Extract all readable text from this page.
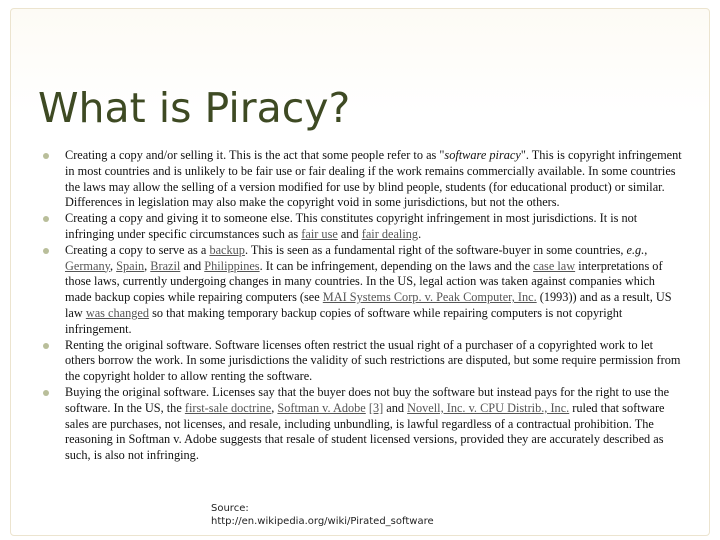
What is Piracy?
Creating a copy and/or selling it. This is the act that some people refer to as "software piracy". This is copyright infringement in most countries and is unlikely to be fair use or fair dealing if the work remains commercially available. In some countries the laws may allow the selling of a version modified for use by blind people, students (for educational product) or similar. Differences in legislation may also make the copyright void in some jurisdictions, but not the others.
Creating a copy and giving it to someone else. This constitutes copyright infringement in most jurisdictions. It is not infringing under specific circumstances such as fair use and fair dealing.
Creating a copy to serve as a backup. This is seen as a fundamental right of the software-buyer in some countries, e.g., Germany, Spain, Brazil and Philippines. It can be infringement, depending on the laws and the case law interpretations of those laws, currently undergoing changes in many countries. In the US, legal action was taken against companies which made backup copies while repairing computers (see MAI Systems Corp. v. Peak Computer, Inc. (1993)) and as a result, US law was changed so that making temporary backup copies of software while repairing computers is not copyright infringement.
Renting the original software. Software licenses often restrict the usual right of a purchaser of a copyrighted work to let others borrow the work. In some jurisdictions the validity of such restrictions are disputed, but some require permission from the copyright holder to allow renting the software.
Buying the original software. Licenses say that the buyer does not buy the software but instead pays for the right to use the software. In the US, the first-sale doctrine, Softman v. Adobe [3] and Novell, Inc. v. CPU Distrib., Inc. ruled that software sales are purchases, not licenses, and resale, including unbundling, is lawful regardless of a contractual prohibition. The reasoning in Softman v. Adobe suggests that resale of student licensed versions, provided they are accurately described as such, is also not infringing.
Source:
http://en.wikipedia.org/wiki/Pirated_software
